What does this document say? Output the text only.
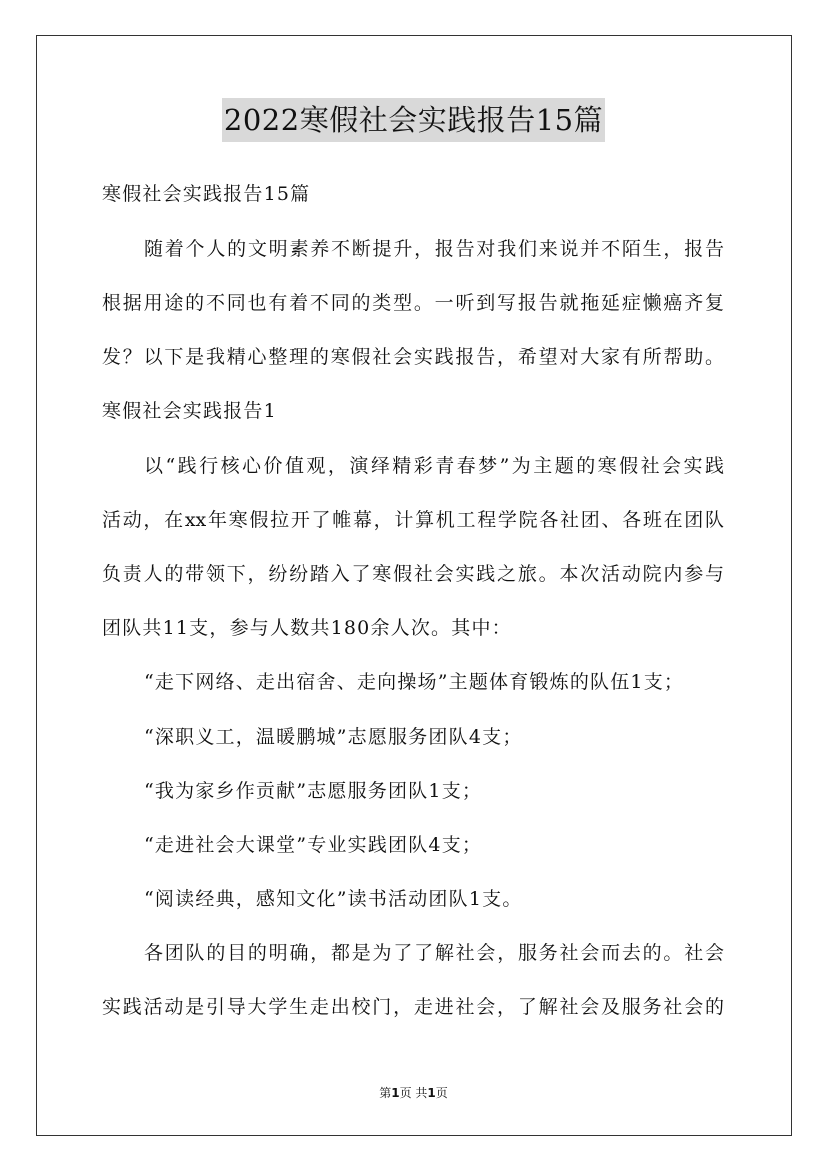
2022寒假社会实践报告15篇
寒假社会实践报告15篇
随着个人的文明素养不断提升，报告对我们来说并不陌生，报告
根据用途的不同也有着不同的类型。一听到写报告就拖延症懒癌齐复
发？以下是我精心整理的寒假社会实践报告，希望对大家有所帮助。
寒假社会实践报告1
以“践行核心价值观，演绎精彩青春梦”为主题的寒假社会实践
活动，在xx年寒假拉开了帷幕，计算机工程学院各社团、各班在团队
负责人的带领下，纷纷踏入了寒假社会实践之旅。本次活动院内参与
团队共11支，参与人数共180余人次。其中：
“走下网络、走出宿舍、走向操场”主题体育锻炼的队伍1支；
“深职义工，温暖鹏城”志愿服务团队4支；
“我为家乡作贡献”志愿服务团队1支；
“走进社会大课堂”专业实践团队4支；
“阅读经典，感知文化”读书活动团队1支。
各团队的目的明确，都是为了了解社会，服务社会而去的。社会
实践活动是引导大学生走出校门，走进社会，了解社会及服务社会的
第1页 共1页
